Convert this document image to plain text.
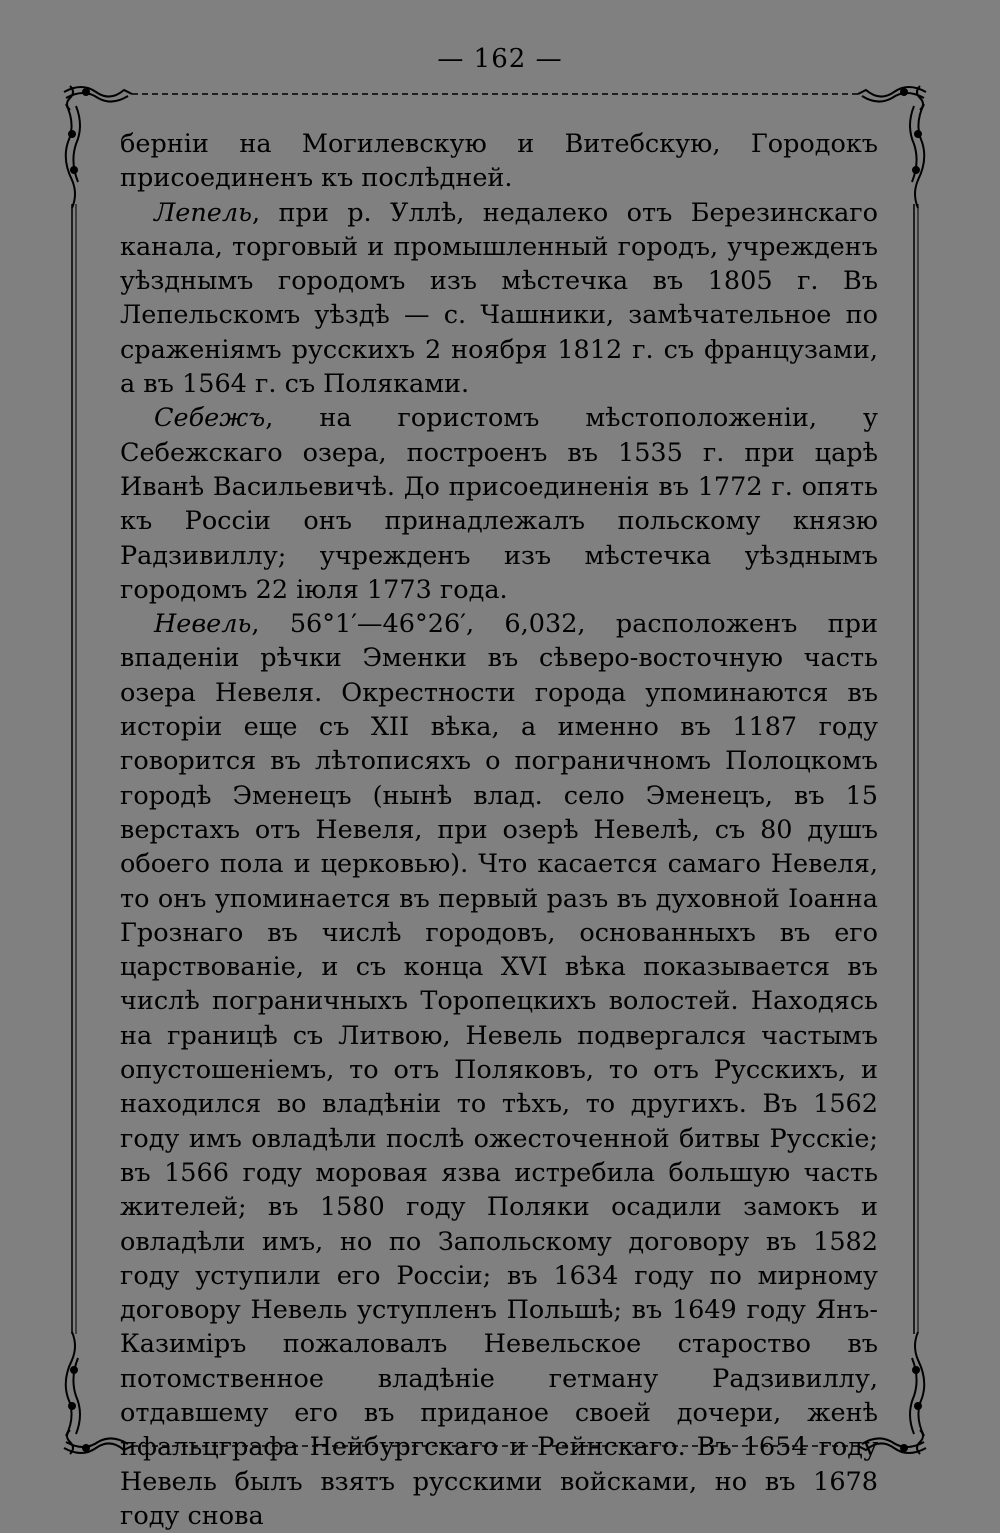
— 162 —

берніи на Могилевскую и Витебскую, Городокъ присоединенъ къ послѣдней.

Лепель, при р. Уллѣ, недалеко отъ Березинскаго канала, торговый и промышленный городъ, учрежденъ уѣзднымъ городомъ изъ мѣстечка въ 1805 г. Въ Лепельскомъ уѣздѣ — с. Чашники, замѣчательное по сраженіямъ русскихъ 2 ноября 1812 г. съ французами, а въ 1564 г. съ Поляками.

Себежъ, на гористомъ мѣстоположеніи, у Себежскаго озера, построенъ въ 1535 г. при царѣ Иванѣ Васильевичѣ. До присоединенія въ 1772 г. опять къ Россіи онъ принадлежалъ польскому князю Радзивиллу; учрежденъ изъ мѣстечка уѣзднымъ городомъ 22 іюля 1773 года.

Невель, 56°1′—46°26′, 6,032, расположенъ при впаденіи рѣчки Эменки въ сѣверо-восточную часть озера Невеля. Окрестности города упоминаются въ исторіи еще съ XII вѣка, а именно въ 1187 году говорится въ лѣтописяхъ о пограничномъ Полоцкомъ городѣ Эменецъ (нынѣ влад. село Эменецъ, въ 15 верстахъ отъ Невеля, при озерѣ Невелѣ, съ 80 душъ обоего пола и церковью). Что касается самаго Невеля, то онъ упоминается въ первый разъ въ духовной Іоанна Грознаго въ числѣ городовъ, основанныхъ въ его царствованіе, и съ конца XVI вѣка показывается въ числѣ пограничныхъ Торопецкихъ волостей. Находясь на границѣ съ Литвою, Невель подвергался частымъ опустошеніемъ, то отъ Поляковъ, то отъ Русскихъ, и находился во владѣніи то тѣхъ, то другихъ. Въ 1562 году имъ овладѣли послѣ ожесточенной битвы Русскіе; въ 1566 году моровая язва истребила большую часть жителей; въ 1580 году Поляки осадили замокъ и овладѣли имъ, но по Запольскому договору въ 1582 году уступили его Россіи; въ 1634 году по мирному договору Невель уступленъ Польшѣ; въ 1649 году Янъ-Казиміръ пожаловалъ Невельское староство въ потомственное владѣніе гетману Радзивиллу, отдавшему его въ приданое своей дочери, женѣ пфальцграфа Нейбургскаго и Рейнскаго. Въ 1654 году Невель былъ взятъ русскими войсками, но въ 1678 году снова
